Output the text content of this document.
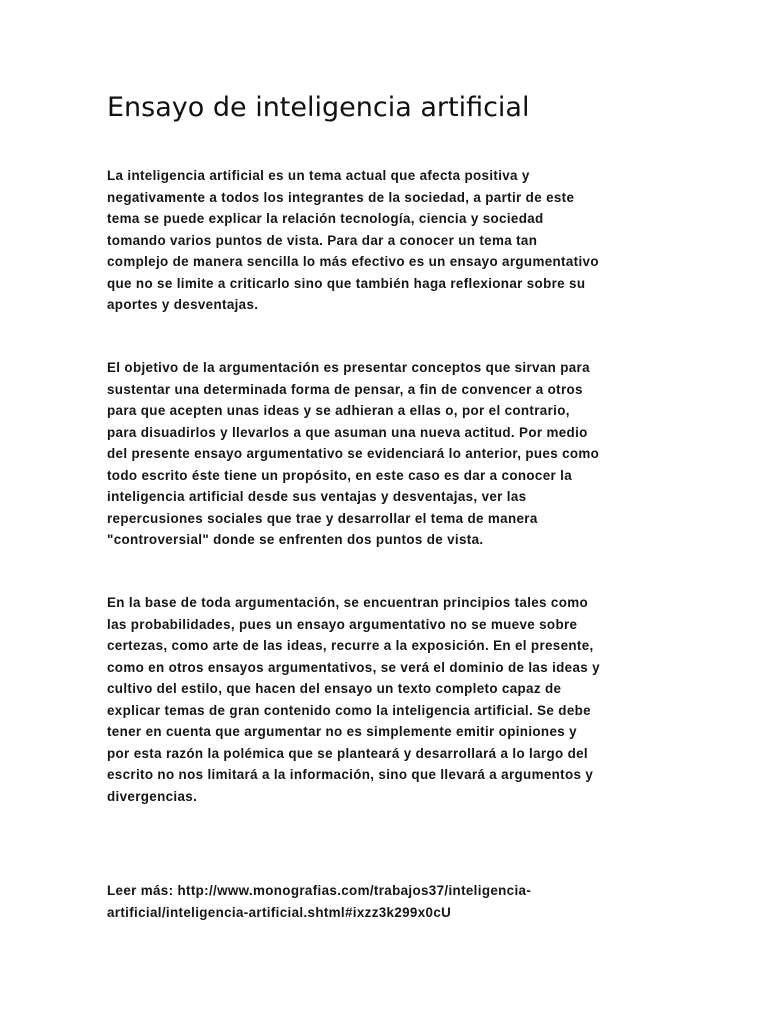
Ensayo de inteligencia artificial
La inteligencia artificial es un tema actual que afecta positiva y
negativamente a todos los integrantes de la sociedad, a partir de este
tema se puede explicar la relación tecnología, ciencia y sociedad
tomando varios puntos de vista. Para dar a conocer un tema tan
complejo de manera sencilla lo más efectivo es un ensayo argumentativo
que no se limite a criticarlo sino que también haga reflexionar sobre su
aportes y desventajas.
El objetivo de la argumentación es presentar conceptos que sirvan para
sustentar una determinada forma de pensar, a fin de convencer a otros
para que acepten unas ideas y se adhieran a ellas o, por el contrario,
para disuadirlos y llevarlos a que asuman una nueva actitud. Por medio
del presente ensayo argumentativo se evidenciará lo anterior, pues como
todo escrito éste tiene un propósito, en este caso es dar a conocer la
inteligencia artificial desde sus ventajas y desventajas, ver las
repercusiones sociales que trae y desarrollar el tema de manera
"controversial" donde se enfrenten dos puntos de vista.
En la base de toda argumentación, se encuentran principios tales como
las probabilidades, pues un ensayo argumentativo no se mueve sobre
certezas, como arte de las ideas, recurre a la exposición. En el presente,
como en otros ensayos argumentativos, se verá el dominio de las ideas y
cultivo del estilo, que hacen del ensayo un texto completo capaz de
explicar temas de gran contenido como la inteligencia artificial. Se debe
tener en cuenta que argumentar no es simplemente emitir opiniones y
por esta razón la polémica que se planteará y desarrollará a lo largo del
escrito no nos limitará a la información, sino que llevará a argumentos y
divergencias.
Leer más: http://www.monografias.com/trabajos37/inteligencia-
artificial/inteligencia-artificial.shtml#ixzz3k299x0cU
